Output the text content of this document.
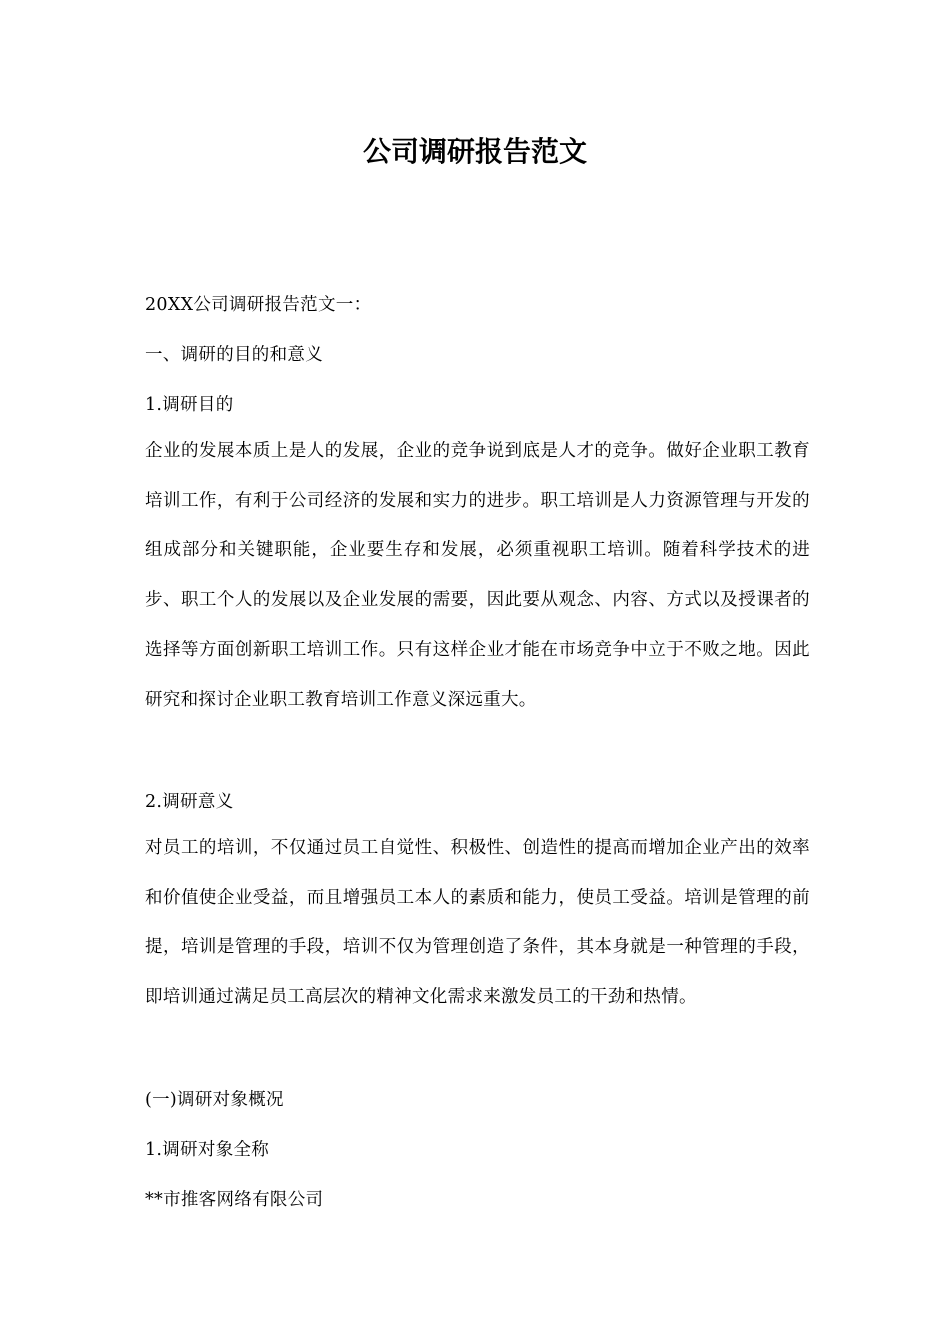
公司调研报告范文

20XX公司调研报告范文一：

一、调研的目的和意义

1.调研目的

企业的发展本质上是人的发展，企业的竞争说到底是人才的竞争。做好企业职工教育培训工作，有利于公司经济的发展和实力的进步。职工培训是人力资源管理与开发的组成部分和关键职能，企业要生存和发展，必须重视职工培训。随着科学技术的进步、职工个人的发展以及企业发展的需要，因此要从观念、内容、方式以及授课者的选择等方面创新职工培训工作。只有这样企业才能在市场竞争中立于不败之地。因此研究和探讨企业职工教育培训工作意义深远重大。

2.调研意义

对员工的培训，不仅通过员工自觉性、积极性、创造性的提高而增加企业产出的效率和价值使企业受益，而且增强员工本人的素质和能力，使员工受益。培训是管理的前提，培训是管理的手段，培训不仅为管理创造了条件，其本身就是一种管理的手段，即培训通过满足员工高层次的精神文化需求来激发员工的干劲和热情。

(一)调研对象概况

1.调研对象全称

**市推客网络有限公司
